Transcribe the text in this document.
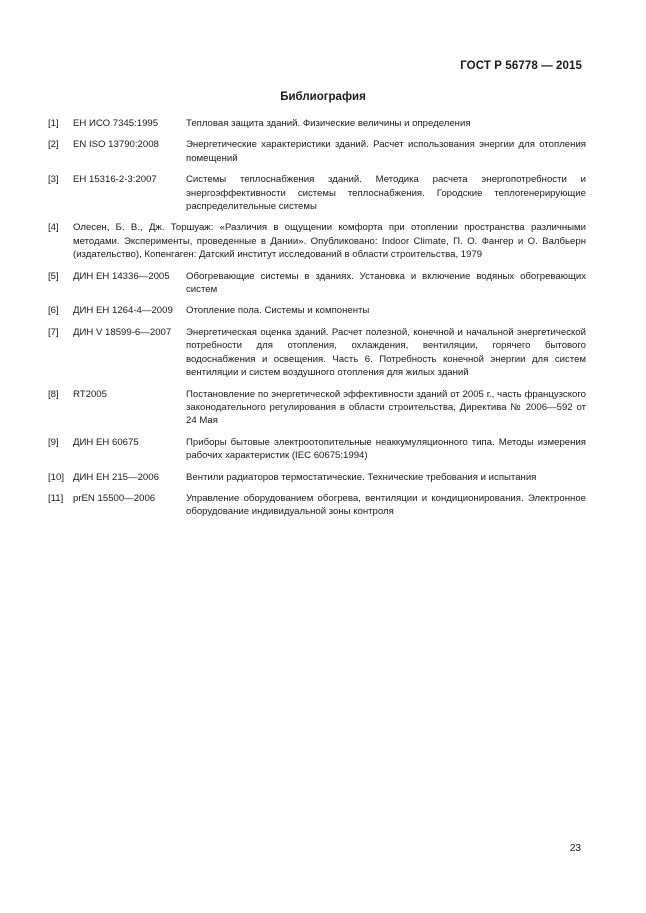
ГОСТ Р 56778 — 2015
Библиография
[1]	ЕН ИСО 7345:1995	Тепловая защита зданий. Физические величины и определения
[2]	EN ISO 13790:2008	Энергетические характеристики зданий. Расчет использования энергии для отопления помещений
[3]	ЕН 15316-2-3:2007	Системы теплоснабжения зданий. Методика расчета энергопотребности и энергоэффективности системы теплоснабжения. Городские теплогенерирующие распределительные системы
[4]	Олесен, Б. В., Дж. Торшуаж: «Различия в ощущении комфорта при отоплении пространства различными методами. Эксперименты, проведенные в Дании». Опубликовано: Indoor Climate, П. О. Фангер и О. Валбьерн (издательство), Копенгаген: Датский институт исследований в области строительства, 1979
[5]	ДИН ЕН 14336—2005	Обогревающие системы в зданиях. Установка и включение водяных обогревающих систем
[6]	ДИН ЕН 1264-4—2009	Отопление пола. Системы и компоненты
[7]	ДИН V 18599-6—2007	Энергетическая оценка зданий. Расчет полезной, конечной и начальной энергетической потребности для отопления, охлаждения, вентиляции, горячего бытового водоснабжения и освещения. Часть 6. Потребность конечной энергии для систем вентиляции и систем воздушного отопления для жилых зданий
[8]	RT2005	Постановление по энергетической эффективности зданий от 2005 г., часть французского законодательного регулирования в области строительства, Директива № 2006—592 от 24 Мая
[9]	ДИН ЕН 60675	Приборы бытовые электроотопительные неаккумуляционного типа. Методы измерения рабочих характеристик (IEC 60675:1994)
[10] ДИН ЕН 215—2006	Вентили радиаторов термостатические. Технические требования и испытания
[11]	prEN 15500—2006	Управление оборудованием обогрева, вентиляции и кондиционирования. Электронное оборудование индивидуальной зоны контроля
23
